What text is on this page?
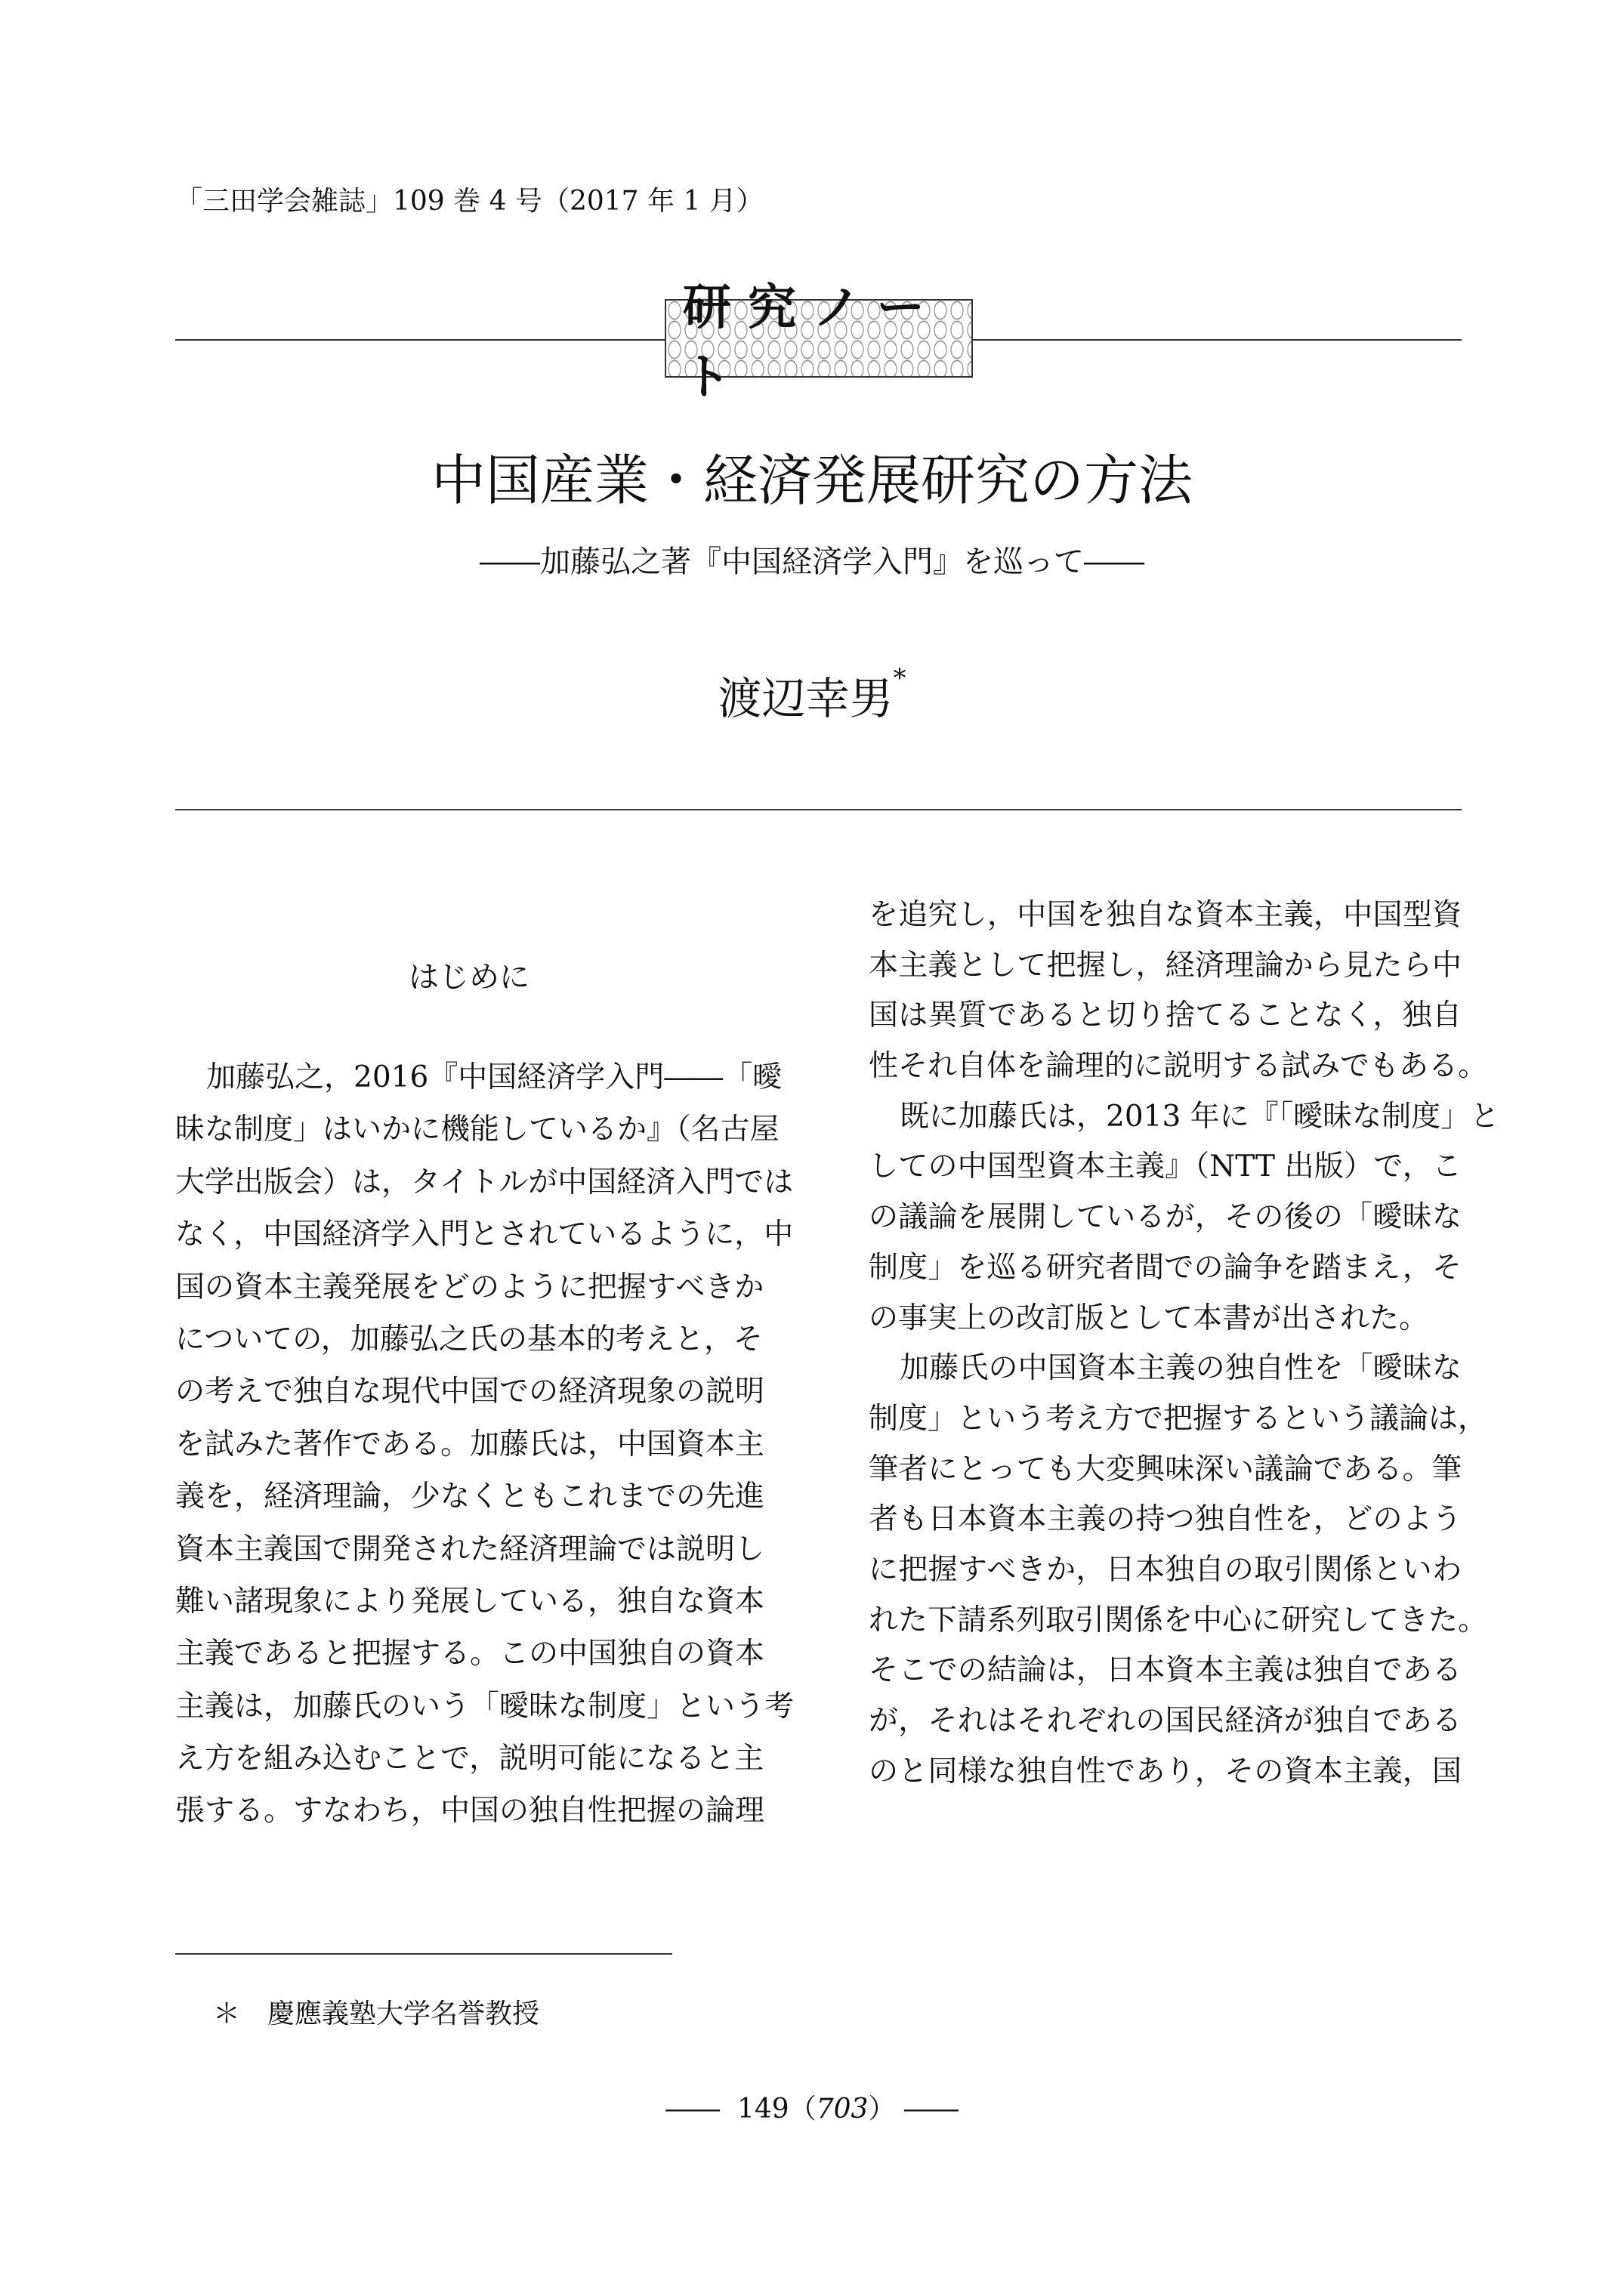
「三田学会雑誌」109 巻 4 号（2017 年 1 月）
研究ノート
中国産業・経済発展研究の方法
――加藤弘之著『中国経済学入門』を巡って――
渡辺幸男*
はじめに
加藤弘之，2016『中国経済学入門――「曖
昧な制度」はいかに機能しているか』（名古屋
大学出版会）は，タイトルが中国経済入門では
なく，中国経済学入門とされているように，中
国の資本主義発展をどのように把握すべきか
についての，加藤弘之氏の基本的考えと，そ
の考えで独自な現代中国での経済現象の説明
を試みた著作である。加藤氏は，中国資本主
義を，経済理論，少なくともこれまでの先進
資本主義国で開発された経済理論では説明し
難い諸現象により発展している，独自な資本
主義であると把握する。この中国独自の資本
主義は，加藤氏のいう「曖昧な制度」という考
え方を組み込むことで，説明可能になると主
張する。すなわち，中国の独自性把握の論理
を追究し，中国を独自な資本主義，中国型資
本主義として把握し，経済理論から見たら中
国は異質であると切り捨てることなく，独自
性それ自体を論理的に説明する試みでもある。
既に加藤氏は，2013 年に『「曖昧な制度」と
しての中国型資本主義』（NTT 出版）で，こ
の議論を展開しているが，その後の「曖昧な
制度」を巡る研究者間での論争を踏まえ，そ
の事実上の改訂版として本書が出された。
加藤氏の中国資本主義の独自性を「曖昧な
制度」という考え方で把握するという議論は，
筆者にとっても大変興味深い議論である。筆
者も日本資本主義の持つ独自性を，どのよう
に把握すべきか，日本独自の取引関係といわ
れた下請系列取引関係を中心に研究してきた。
そこでの結論は，日本資本主義は独自である
が，それはそれぞれの国民経済が独自である
のと同様な独自性であり，その資本主義，国
＊ 慶應義塾大学名誉教授
―― 149（703） ――
